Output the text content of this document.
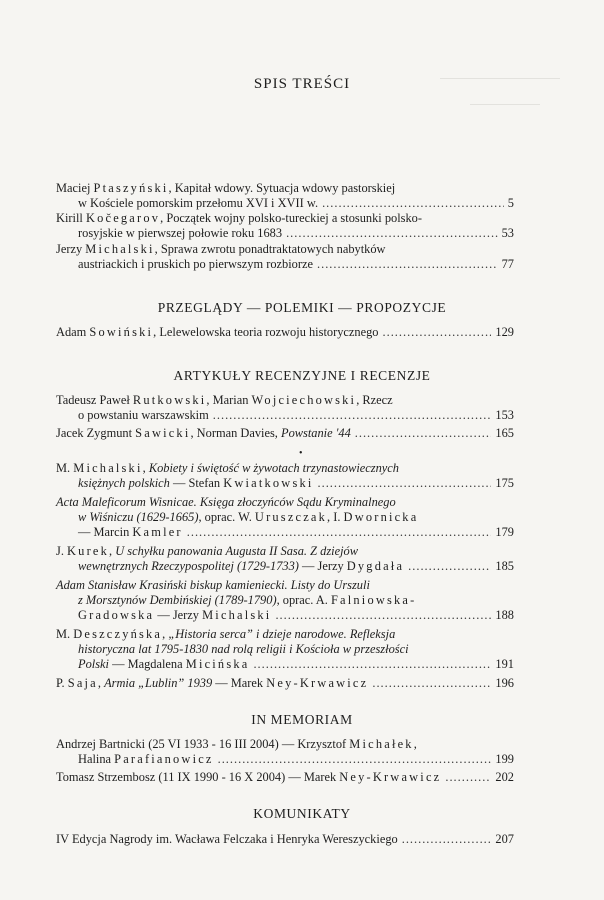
SPIS TREŚCI
Maciej Ptaszyński, Kapitał wdowy. Sytuacja wdowy pastorskiej
w Kościele pomorskim przełomu XVI i XVII w. .....	5
Kirill Kočegarov, Początek wojny polsko-tureckiej a stosunki polsko-
rosyjskie w pierwszej połowie roku 1683 .....	53
Jerzy Michalski, Sprawa zwrotu ponadtraktatowych nabytków
austriackich i pruskich po pierwszym rozbiorze .....	77
PRZEGLĄDY — POLEMIKI — PROPOZYCJE
Adam Sowiński, Lelewelowska teoria rozwoju historycznego .....	129
ARTYKUŁY RECENZYJNE I RECENZJE
Tadeusz Paweł Rutkowski, Marian Wojciechowski, Rzecz
o powstaniu warszawskim .....	153
Jacek Zygmunt Sawicki, Norman Davies, Powstanie '44 .....	165
•
M. Michalski, Kobiety i świętość w żywotach trzynastowiecznych
księżnych polskich — Stefan Kwiatkowski .....	175
Acta Maleficorum Wisnicae. Księga złoczyńców Sądu Kryminalnego
w Wiśniczu (1629-1665), oprac. W. Uruszczak, I. Dwornicka
— Marcin Kamler .....	179
J. Kurek, U schyłku panowania Augusta II Sasa. Z dziejów
wewnętrznych Rzeczypospolitej (1729-1733) — Jerzy Dygdała .....	185
Adam Stanisław Krasiński biskup kamieniecki. Listy do Urszuli
z Morsztynów Dembińskiej (1789-1790), oprac. A. Falniowska-
Gradowska — Jerzy Michalski .....	188
M. Deszczyńska, „Historia serca” i dzieje narodowe. Refleksja
historyczna lat 1795-1830 nad rolą religii i Kościoła w przeszłości
Polski — Magdalena Micińska .....	191
P. Saja, Armia „Lublin” 1939 — Marek Ney-Krwawicz .....	196
IN MEMORIAM
Andrzej Bartnicki (25 VI 1933 - 16 III 2004) — Krzysztof Michałek,
Halina Parafianowicz .....	199
Tomasz Strzembosz (11 IX 1990 - 16 X 2004) — Marek Ney-Krwawicz .....	202
KOMUNIKATY
IV Edycja Nagrody im. Wacława Felczaka i Henryka Wereszyckiego .....	207
